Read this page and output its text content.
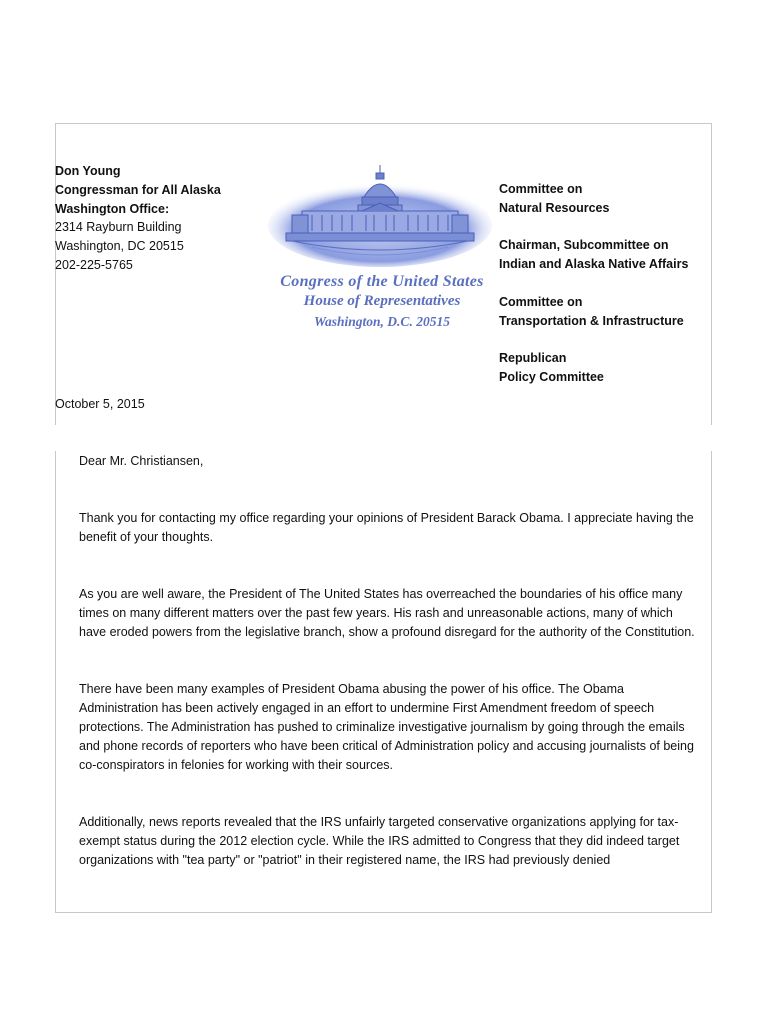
Don Young
Congressman for All Alaska
Washington Office:
2314 Rayburn Building
Washington, DC 20515
202-225-5765
Congress of the United States
House of Representatives
Washington, D.C. 20515
Committee on
Natural Resources
Chairman, Subcommittee on
Indian and Alaska Native Affairs
Committee on
Transportation & Infrastructure
Republican
Policy Committee
October 5, 2015

Dear Mr. Christiansen,

Thank you for contacting my office regarding your opinions of President Barack Obama. I appreciate having the benefit of your thoughts.

As you are well aware, the President of The United States has overreached the boundaries of his office many times on many different matters over the past few years. His rash and unreasonable actions, many of which have eroded powers from the legislative branch, show a profound disregard for the authority of the Constitution.

There have been many examples of President Obama abusing the power of his office. The Obama Administration has been actively engaged in an effort to undermine First Amendment freedom of speech protections. The Administration has pushed to criminalize investigative journalism by going through the emails and phone records of reporters who have been critical of Administration policy and accusing journalists of being co-conspirators in felonies for working with their sources.

Additionally, news reports revealed that the IRS unfairly targeted conservative organizations applying for tax-exempt status during the 2012 election cycle. While the IRS admitted to Congress that they did indeed target organizations with "tea party" or "patriot" in their registered name, the IRS had previously denied
